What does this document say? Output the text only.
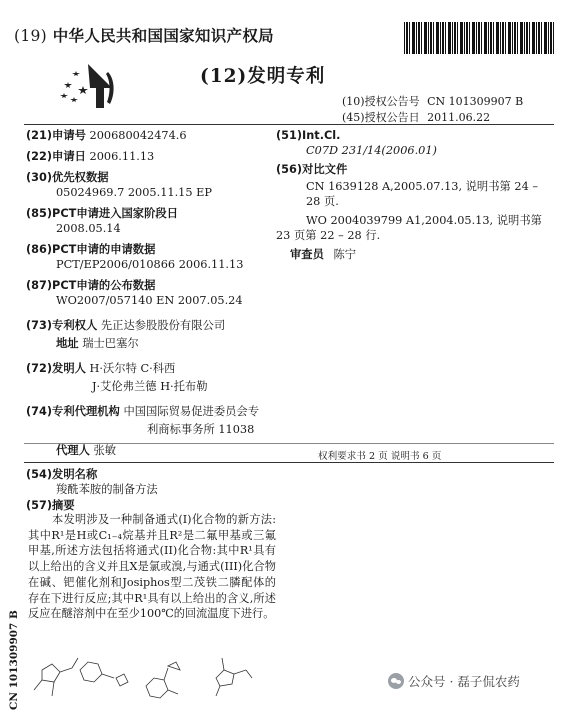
(19) 中华人民共和国国家知识产权局
(12)发明专利
(10)授权公告号 CN 101309907 B
(45)授权公告日 2011.06.22
(21)申请号 200680042474.6
(22)申请日 2006.11.13
(30)优先权数据
05024969.7 2005.11.15 EP
(85)PCT申请进入国家阶段日
2008.05.14
(86)PCT申请的申请数据
PCT/EP2006/010866 2006.11.13
(87)PCT申请的公布数据
WO2007/057140 EN 2007.05.24
(73)专利权人 先正达参股股份有限公司
地址 瑞士巴塞尔
(72)发明人 H·沃尔特 C·科西
J·艾伦弗兰德 H·托布勒
(74)专利代理机构 中国国际贸易促进委员会专
利商标事务所 11038
代理人 张敏
(51)Int.Cl.
C07D 231/14(2006.01)
(56)对比文件
CN 1639128 A,2005.07.13, 说明书第 24 –
28 页.
WO 2004039799 A1,2004.05.13, 说明书第
23 页第 22 – 28 行.
审查员 陈宁
权利要求书 2 页 说明书 6 页
(54)发明名称
羧酰苯胺的制备方法
(57)摘要
本发明涉及一种制备通式(I)化合物的新方法:其中R¹是H或C₁₋₄烷基并且R²是二氟甲基或三氟甲基,所述方法包括将通式(II)化合物:其中R¹具有以上给出的含义并且X是氯或溴,与通式(III)化合物在碱、钯催化剂和Josiphos型二茂铁二膦配体的存在下进行反应;其中R¹具有以上给出的含义,所述反应在醚溶剂中在至少100℃的回流温度下进行。
CN 101309907 B	公众号 · 磊子侃农药
